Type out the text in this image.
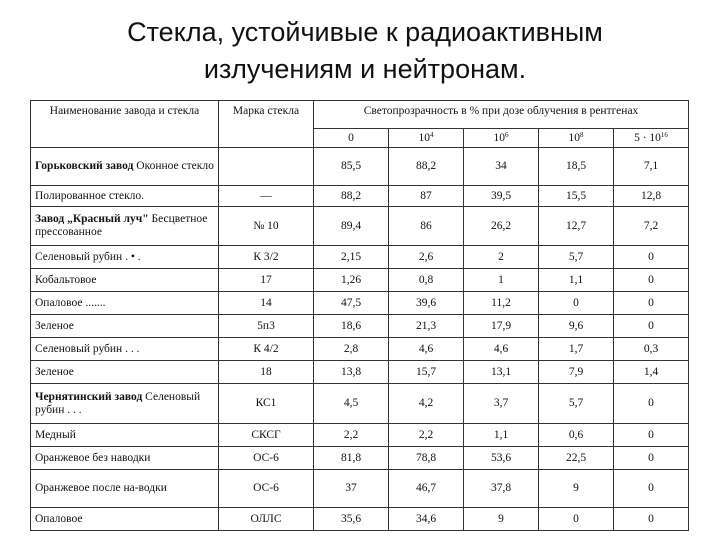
Стекла, устойчивые к радиоактивным
излучениям и нейтронам.
Наименование завода и стекла	Марка стекла	Светопрозрачность в % при дозе облучения в рентгенах				
		0	$10^4$	$10^6$	$10^8$	$5 \cdot 10^{16}$
Горьковский завод Оконное стекло		85,5	88,2	34	18,5	7,1
Полированное стекло.	—	88,2	87	39,5	15,5	12,8
Завод „Красный луч" Бесцветное прессованное	№ 10	89,4	86	26,2	12,7	7,2
Селеновый рубин . • .	К 3/2	2,15	2,6	2	5,7	0
Кобальтовое	17	1,26	0,8	1	1,1	0
Опаловое .......	14	47,5	39,6	11,2	0	0
Зеленое	5п3	18,6	21,3	17,9	9,6	0
Селеновый рубин . . .	К 4/2	2,8	4,6	4,6	1,7	0,3
Зеленое	18	13,8	15,7	13,1	7,9	1,4
Чернятинский завод Селеновый рубин . . .	КС1	4,5	4,2	3,7	5,7	0
Медный	СКСГ	2,2	2,2	1,1	0,6	0
Оранжевое без наводки	ОС-6	81,8	78,8	53,6	22,5	0
Оранжевое после на-водки	ОС-6	37	46,7	37,8	9	0
Опаловое	ОЛЛС	35,6	34,6	9	0	0
